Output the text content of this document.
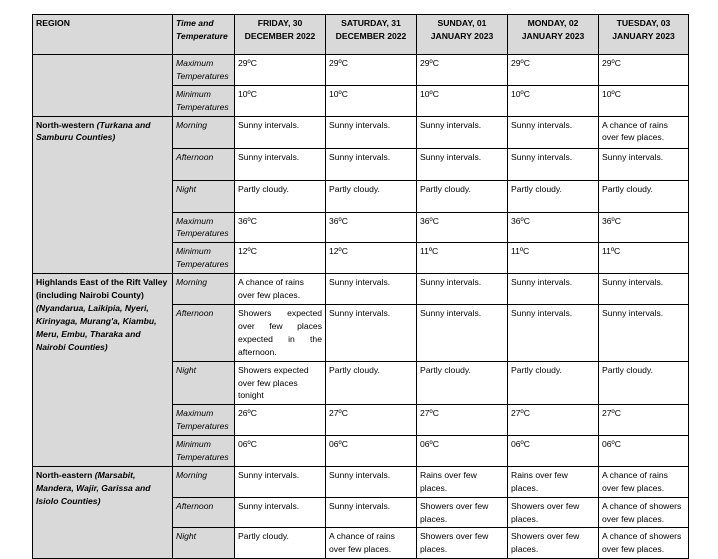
REGION	Time and Temperature	FRIDAY, 30 DECEMBER 2022	SATURDAY, 31 DECEMBER 2022	SUNDAY, 01 JANUARY 2023	MONDAY, 02 JANUARY 2023	TUESDAY, 03 JANUARY 2023
	Maximum Temperatures	29ºC	29ºC	29ºC	29ºC	29ºC
	Minimum Temperatures	10ºC	10ºC	10ºC	10ºC	10ºC
North-western (Turkana and Samburu Counties)	Morning	Sunny intervals.	Sunny intervals.	Sunny intervals.	Sunny intervals.	A chance of rains over few places.
	Afternoon	Sunny intervals.	Sunny intervals.	Sunny intervals.	Sunny intervals.	Sunny intervals.
	Night	Partly cloudy.	Partly cloudy.	Partly cloudy.	Partly cloudy.	Partly cloudy.
	Maximum Temperatures	36ºC	36ºC	36ºC	36ºC	36ºC
	Minimum Temperatures	12ºC	12ºC	11ºC	11ºC	11ºC
Highlands East of the Rift Valley (including Nairobi County) (Nyandarua, Laikipia, Nyeri, Kirinyaga, Murang'a, Kiambu, Meru, Embu, Tharaka and Nairobi Counties)	Morning	A chance of rains over few places.	Sunny intervals.	Sunny intervals.	Sunny intervals.	Sunny intervals.
	Afternoon	Showers expected over few places expected in the afternoon.	Sunny intervals.	Sunny intervals.	Sunny intervals.	Sunny intervals.
	Night	Showers expected over few places tonight	Partly cloudy.	Partly cloudy.	Partly cloudy.	Partly cloudy.
	Maximum Temperatures	26ºC	27ºC	27ºC	27ºC	27ºC
	Minimum Temperatures	06ºC	06ºC	06ºC	06ºC	06ºC
North-eastern (Marsabit, Mandera, Wajir, Garissa and Isiolo Counties)	Morning	Sunny intervals.	Sunny intervals.	Rains over few places.	Rains over few places.	A chance of rains over few places.
	Afternoon	Sunny intervals.	Sunny intervals.	Showers over few places.	Showers over few places.	A chance of showers over few places.
	Night	Partly cloudy.	A chance of rains over few places.	Showers over few places.	Showers over few places.	A chance of showers over few places.
